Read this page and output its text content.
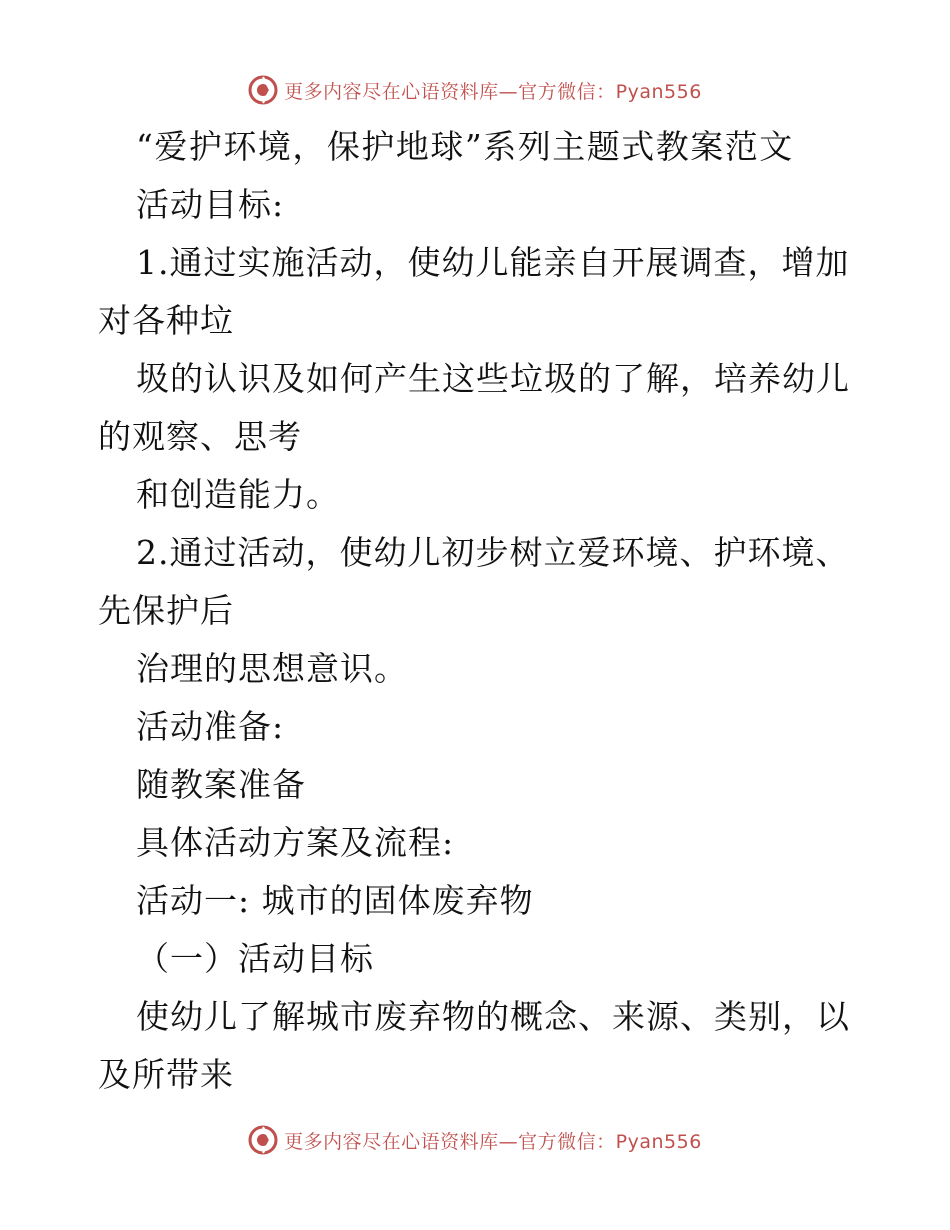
更多内容尽在心语资料库—官方微信：Pyan556
“爱护环境，保护地球”系列主题式教案范文
活动目标:
1.通过实施活动，使幼儿能亲自开展调查，增加
对各种垃
圾的认识及如何产生这些垃圾的了解，培养幼儿
的观察、思考
和创造能力。
2.通过活动，使幼儿初步树立爱环境、护环境、
先保护后
治理的思想意识。
活动准备:
随教案准备
具体活动方案及流程:
活动一: 城市的固体废弃物
（一）活动目标
使幼儿了解城市废弃物的概念、来源、类别，以
及所带来
更多内容尽在心语资料库—官方微信：Pyan556
